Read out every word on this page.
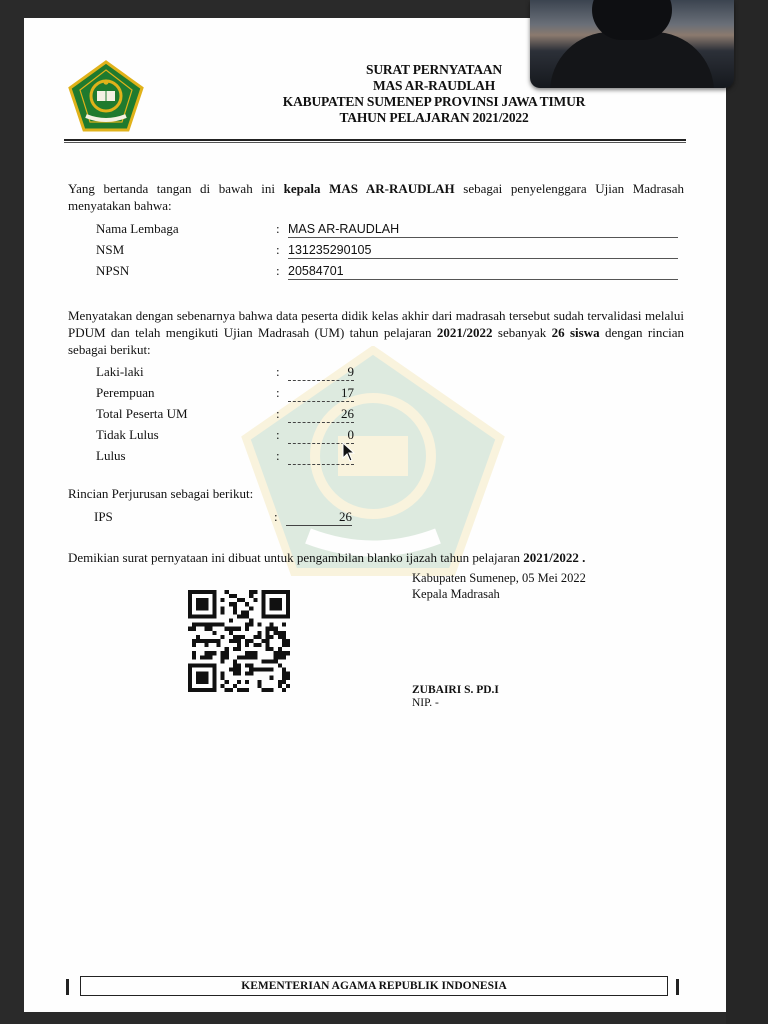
SURAT PERNYATAAN
MAS AR-RAUDLAH
KABUPATEN SUMENEP PROVINSI JAWA TIMUR
TAHUN PELAJARAN 2021/2022
Yang bertanda tangan di bawah ini kepala MAS AR-RAUDLAH sebagai penyelenggara Ujian Madrasah menyatakan bahwa:
Nama Lembaga	: MAS AR-RAUDLAH
NSM	: 131235290105
NPSN	: 20584701
Menyatakan dengan sebenarnya bahwa data peserta didik kelas akhir dari madrasah tersebut sudah tervalidasi melalui PDUM dan telah mengikuti Ujian Madrasah (UM) tahun pelajaran 2021/2022 sebanyak 26 siswa dengan rincian sebagai berikut:
Laki-laki	:	9
Perempuan	:	17
Total Peserta UM	:	26
Tidak Lulus	:	0
Lulus	:
Rincian Perjurusan sebagai berikut:
IPS	:	26
Demikian surat pernyataan ini dibuat untuk pengambilan blanko ijazah tahun pelajaran 2021/2022 .
Kabupaten Sumenep, 05 Mei 2022
Kepala Madrasah
ZUBAIRI S. PD.I
NIP. -
KEMENTERIAN AGAMA REPUBLIK INDONESIA
